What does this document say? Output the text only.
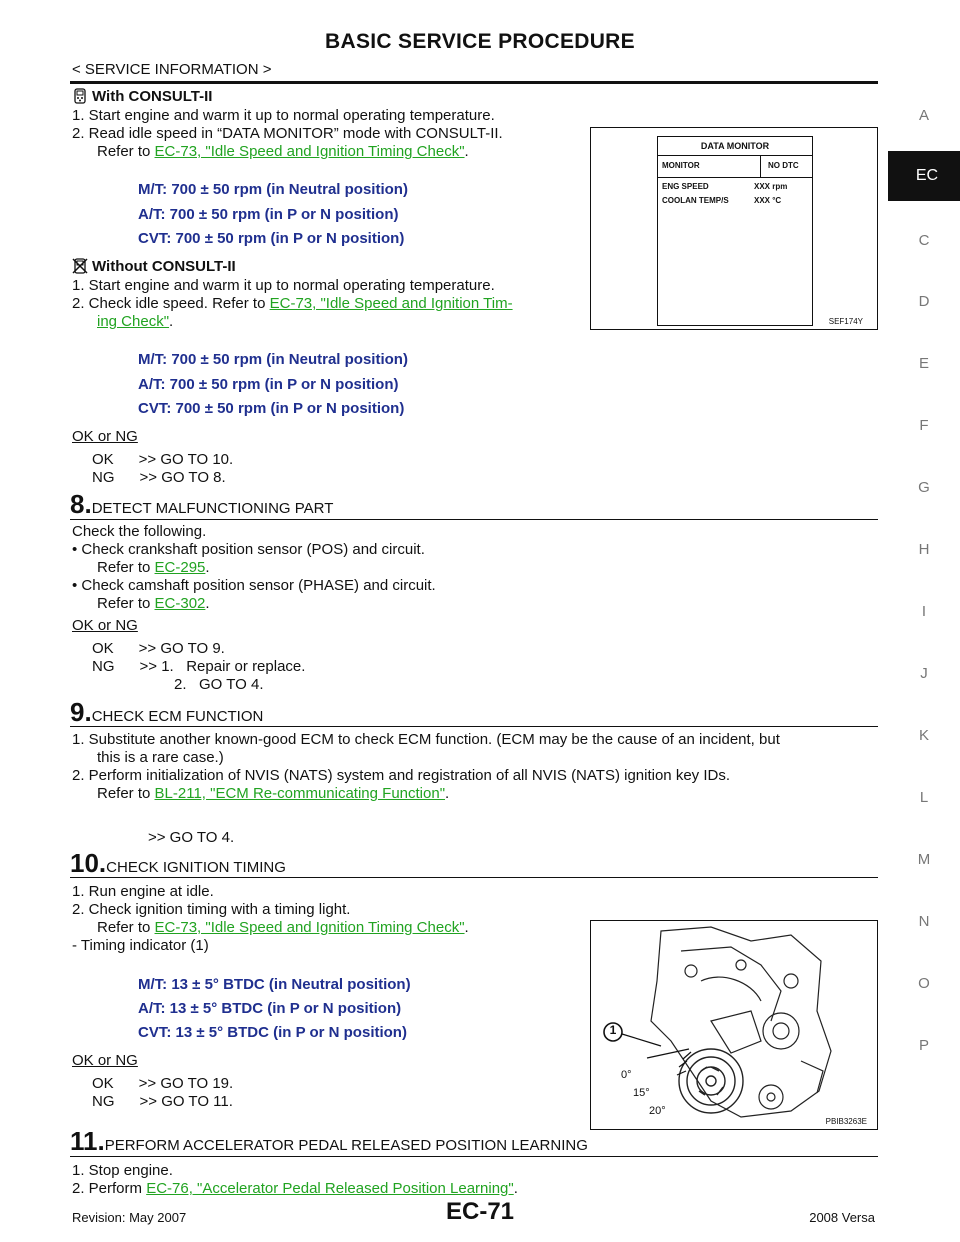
BASIC SERVICE PROCEDURE
< SERVICE INFORMATION >
A
EC
C
D
E
F
G
H
I
J
K
L
M
N
O
P
With CONSULT-II
1. Start engine and warm it up to normal operating temperature.
2. Read idle speed in “DATA MONITOR” mode with CONSULT-II.
Refer to EC-73, "Idle Speed and Ignition Timing Check".
M/T: 700 ± 50 rpm (in Neutral position)
A/T: 700 ± 50 rpm (in P or N position)
CVT: 700 ± 50 rpm (in P or N position)
DATA MONITOR
MONITOR	NO DTC
ENG SPEED	XXX rpm
COOLAN TEMP/S	XXX °C
SEF174Y
Without CONSULT-II
1. Start engine and warm it up to normal operating temperature.
2. Check idle speed. Refer to EC-73, "Idle Speed and Ignition Tim-
ing Check".
M/T: 700 ± 50 rpm (in Neutral position)
A/T: 700 ± 50 rpm (in P or N position)
CVT: 700 ± 50 rpm (in P or N position)
OK or NG
OK      >> GO TO 10.
NG      >> GO TO 8.
8.DETECT MALFUNCTIONING PART
Check the following.
• Check crankshaft position sensor (POS) and circuit.
Refer to EC-295.
• Check camshaft position sensor (PHASE) and circuit.
Refer to EC-302.
OK or NG
OK      >> GO TO 9.
NG      >> 1.   Repair or replace.
2.   GO TO 4.
9.CHECK ECM FUNCTION
1. Substitute another known-good ECM to check ECM function. (ECM may be the cause of an incident, but
this is a rare case.)
2. Perform initialization of NVIS (NATS) system and registration of all NVIS (NATS) ignition key IDs.
Refer to BL-211, "ECM Re-communicating Function".
>> GO TO 4.
10.CHECK IGNITION TIMING
1. Run engine at idle.
2. Check ignition timing with a timing light.
Refer to EC-73, "Idle Speed and Ignition Timing Check".
- Timing indicator (1)
M/T: 13 ± 5° BTDC (in Neutral position)
A/T: 13 ± 5° BTDC (in P or N position)
CVT: 13 ± 5° BTDC (in P or N position)
OK or NG
OK      >> GO TO 19.
NG      >> GO TO 11.
1
0°
15°
20°
PBIB3263E
11.PERFORM ACCELERATOR PEDAL RELEASED POSITION LEARNING
1. Stop engine.
2. Perform EC-76, "Accelerator Pedal Released Position Learning".
Revision: May 2007	EC-71	2008 Versa
